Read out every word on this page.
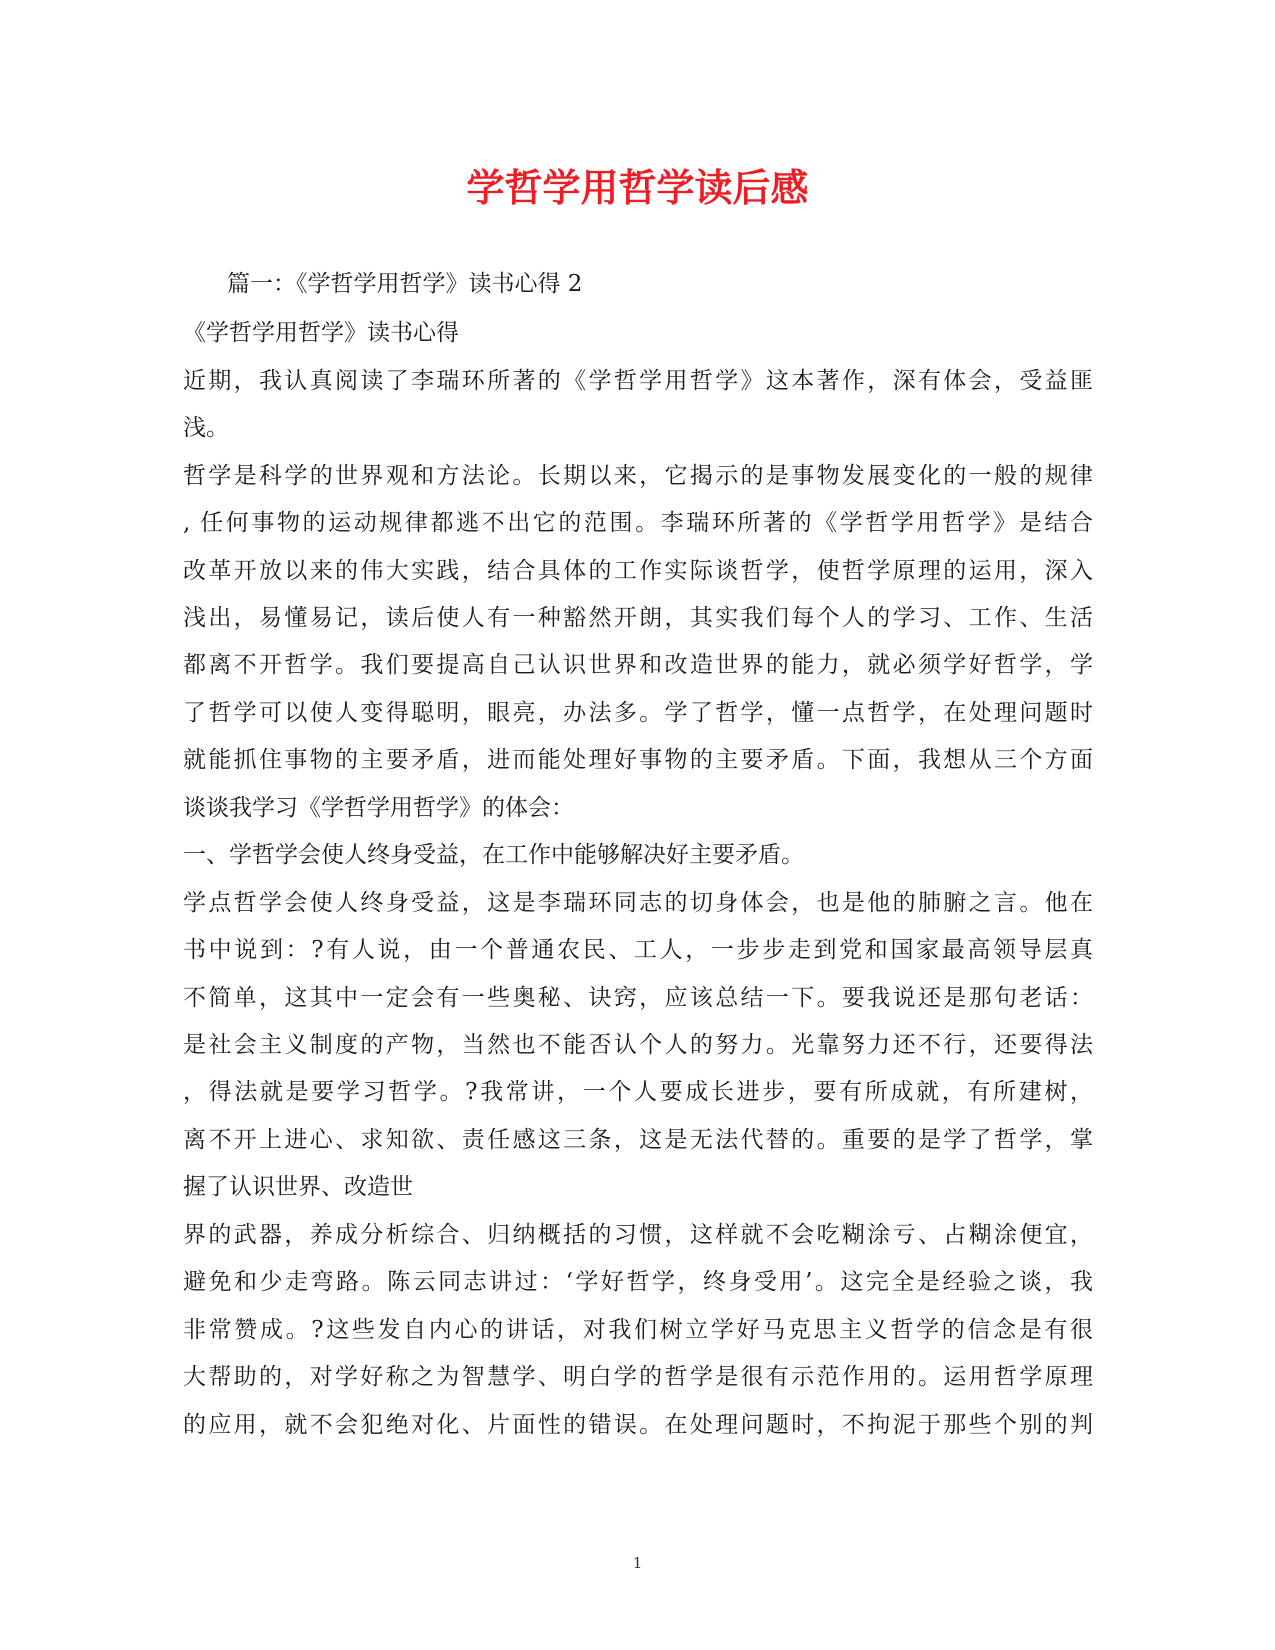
学哲学用哲学读后感

篇一：《学哲学用哲学》读书心得 2

《学哲学用哲学》读书心得

近期，我认真阅读了李瑞环所著的《学哲学用哲学》这本著作，深有体会，受益匪

浅。

哲学是科学的世界观和方法论。长期以来，它揭示的是事物发展变化的一般的规律

, 任何事物的运动规律都逃不出它的范围。李瑞环所著的《学哲学用哲学》是结合

改革开放以来的伟大实践，结合具体的工作实际谈哲学，使哲学原理的运用，深入

浅出，易懂易记，读后使人有一种豁然开朗，其实我们每个人的学习、工作、生活

都离不开哲学。我们要提高自己认识世界和改造世界的能力，就必须学好哲学，学

了哲学可以使人变得聪明，眼亮，办法多。学了哲学，懂一点哲学，在处理问题时

就能抓住事物的主要矛盾，进而能处理好事物的主要矛盾。下面，我想从三个方面

谈谈我学习《学哲学用哲学》的体会：

一、学哲学会使人终身受益，在工作中能够解决好主要矛盾。

学点哲学会使人终身受益，这是李瑞环同志的切身体会，也是他的肺腑之言。他在

书中说到：?有人说，由一个普通农民、工人，一步步走到党和国家最高领导层真

不简单，这其中一定会有一些奥秘、诀窍，应该总结一下。要我说还是那句老话：

是社会主义制度的产物，当然也不能否认个人的努力。光靠努力还不行，还要得法

，得法就是要学习哲学。?我常讲，一个人要成长进步，要有所成就，有所建树，

离不开上进心、求知欲、责任感这三条，这是无法代替的。重要的是学了哲学，掌

握了认识世界、改造世

界的武器，养成分析综合、归纳概括的习惯，这样就不会吃糊涂亏、占糊涂便宜，

避免和少走弯路。陈云同志讲过：‘学好哲学，终身受用’。这完全是经验之谈，我

非常赞成。?这些发自内心的讲话，对我们树立学好马克思主义哲学的信念是有很

大帮助的，对学好称之为智慧学、明白学的哲学是很有示范作用的。运用哲学原理

的应用，就不会犯绝对化、片面性的错误。在处理问题时，不拘泥于那些个别的判

1
